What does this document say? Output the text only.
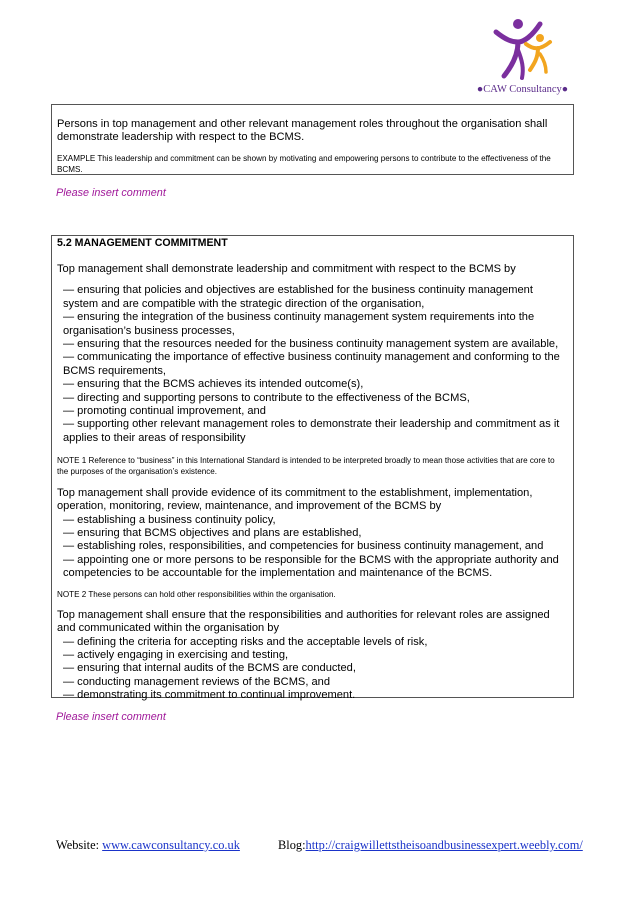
●CAW Consultancy●

Persons in top management and other relevant management roles throughout the organisation shall demonstrate leadership with respect to the BCMS.

EXAMPLE This leadership and commitment can be shown by motivating and empowering persons to contribute to the effectiveness of the BCMS.

Please insert comment

5.2 MANAGEMENT COMMITMENT

Top management shall demonstrate leadership and commitment with respect to the BCMS by

— ensuring that policies and objectives are established for the business continuity management system and are compatible with the strategic direction of the organisation,

— ensuring the integration of the business continuity management system requirements into the organisation’s business processes,

— ensuring that the resources needed for the business continuity management system are available,

— communicating the importance of effective business continuity management and conforming to the BCMS requirements,

— ensuring that the BCMS achieves its intended outcome(s),

— directing and supporting persons to contribute to the effectiveness of the BCMS,

— promoting continual improvement, and

— supporting other relevant management roles to demonstrate their leadership and commitment as it applies to their areas of responsibility

NOTE 1 Reference to “business” in this International Standard is intended to be interpreted broadly to mean those activities that are core to the purposes of the organisation’s existence.

Top management shall provide evidence of its commitment to the establishment, implementation, operation, monitoring, review, maintenance, and improvement of the BCMS by

— establishing a business continuity policy,

— ensuring that BCMS objectives and plans are established,

— establishing roles, responsibilities, and competencies for business continuity management, and

— appointing one or more persons to be responsible for the BCMS with the appropriate authority and competencies to be accountable for the implementation and maintenance of the BCMS.

NOTE 2 These persons can hold other responsibilities within the organisation.

Top management shall ensure that the responsibilities and authorities for relevant roles are assigned and communicated within the organisation by

— defining the criteria for accepting risks and the acceptable levels of risk,

— actively engaging in exercising and testing,

— ensuring that internal audits of the BCMS are conducted,

— conducting management reviews of the BCMS, and

— demonstrating its commitment to continual improvement.

Please insert comment
Website: www.cawconsultancy.co.uk	Blog:http://craigwillettstheisoandbusinessexpert.weebly.com/
